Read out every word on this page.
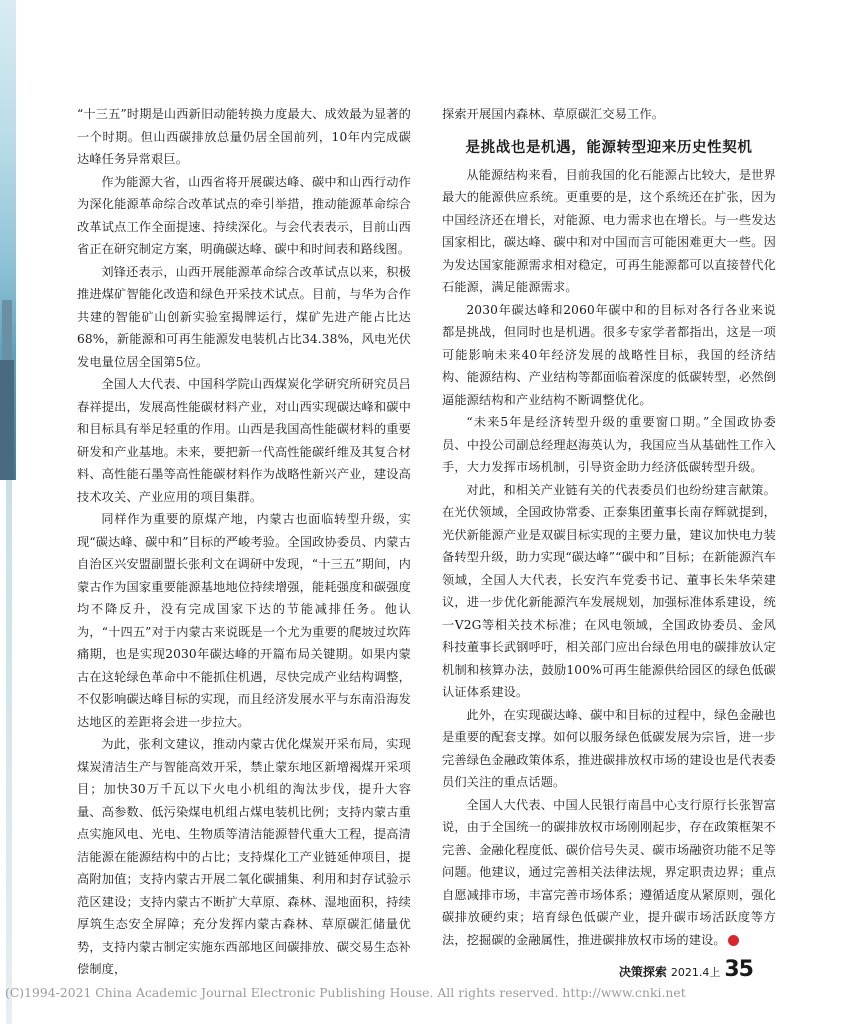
“十三五”时期是山西新旧动能转换力度最大、成效最为显著的一个时期。但山西碳排放总量仍居全国前列，10年内完成碳达峰任务异常艰巨。

作为能源大省，山西省将开展碳达峰、碳中和山西行动作为深化能源革命综合改革试点的牵引举措，推动能源革命综合改革试点工作全面提速、持续深化。与会代表表示，目前山西省正在研究制定方案，明确碳达峰、碳中和时间表和路线图。

刘锋还表示，山西开展能源革命综合改革试点以来，积极推进煤矿智能化改造和绿色开采技术试点。目前，与华为合作共建的智能矿山创新实验室揭牌运行，煤矿先进产能占比达68%，新能源和可再生能源发电装机占比34.38%，风电光伏发电量位居全国第5位。

全国人大代表、中国科学院山西煤炭化学研究所研究员吕春祥提出，发展高性能碳材料产业，对山西实现碳达峰和碳中和目标具有举足轻重的作用。山西是我国高性能碳材料的重要研发和产业基地。未来，要把新一代高性能碳纤维及其复合材料、高性能石墨等高性能碳材料作为战略性新兴产业，建设高技术攻关、产业应用的项目集群。

同样作为重要的原煤产地，内蒙古也面临转型升级，实现“碳达峰、碳中和”目标的严峻考验。全国政协委员、内蒙古自治区兴安盟副盟长张利文在调研中发现，“十三五”期间，内蒙古作为国家重要能源基地地位持续增强，能耗强度和碳强度均不降反升，没有完成国家下达的节能减排任务。他认为，“十四五”对于内蒙古来说既是一个尤为重要的爬坡过坎阵痛期，也是实现2030年碳达峰的开篇布局关键期。如果内蒙古在这轮绿色革命中不能抓住机遇，尽快完成产业结构调整，不仅影响碳达峰目标的实现，而且经济发展水平与东南沿海发达地区的差距将会进一步拉大。

为此，张利文建议，推动内蒙古优化煤炭开采布局，实现煤炭清洁生产与智能高效开采，禁止蒙东地区新增褐煤开采项目；加快30万千瓦以下火电小机组的淘汰步伐，提升大容量、高参数、低污染煤电机组占煤电装机比例；支持内蒙古重点实施风电、光电、生物质等清洁能源替代重大工程，提高清洁能源在能源结构中的占比；支持煤化工产业链延伸项目，提高附加值；支持内蒙古开展二氧化碳捕集、利用和封存试验示范区建设；支持内蒙古不断扩大草原、森林、湿地面积，持续厚筑生态安全屏障；充分发挥内蒙古森林、草原碳汇储量优势，支持内蒙古制定实施东西部地区间碳排放、碳交易生态补偿制度，

探索开展国内森林、草原碳汇交易工作。

是挑战也是机遇，能源转型迎来历史性契机

从能源结构来看，目前我国的化石能源占比较大，是世界最大的能源供应系统。更重要的是，这个系统还在扩张，因为中国经济还在增长，对能源、电力需求也在增长。与一些发达国家相比，碳达峰、碳中和对中国而言可能困难更大一些。因为发达国家能源需求相对稳定，可再生能源都可以直接替代化石能源，满足能源需求。

2030年碳达峰和2060年碳中和的目标对各行各业来说都是挑战，但同时也是机遇。很多专家学者都指出，这是一项可能影响未来40年经济发展的战略性目标，我国的经济结构、能源结构、产业结构等都面临着深度的低碳转型，必然倒逼能源结构和产业结构不断调整优化。

“未来5年是经济转型升级的重要窗口期。”全国政协委员、中投公司副总经理赵海英认为，我国应当从基础性工作入手，大力发挥市场机制，引导资金助力经济低碳转型升级。

对此，和相关产业链有关的代表委员们也纷纷建言献策。在光伏领域，全国政协常委、正泰集团董事长南存辉就提到，光伏新能源产业是双碳目标实现的主要力量，建议加快电力装备转型升级，助力实现“碳达峰”“碳中和”目标；在新能源汽车领域，全国人大代表，长安汽车党委书记、董事长朱华荣建议，进一步优化新能源汽车发展规划，加强标准体系建设，统一V2G等相关技术标准；在风电领域，全国政协委员、金风科技董事长武钢呼吁，相关部门应出台绿色用电的碳排放认定机制和核算办法，鼓励100%可再生能源供给园区的绿色低碳认证体系建设。

此外，在实现碳达峰、碳中和目标的过程中，绿色金融也是重要的配套支撑。如何以服务绿色低碳发展为宗旨，进一步完善绿色金融政策体系，推进碳排放权市场的建设也是代表委员们关注的重点话题。

全国人大代表、中国人民银行南昌中心支行原行长张智富说，由于全国统一的碳排放权市场刚刚起步，存在政策框架不完善、金融化程度低、碳价信号失灵、碳市场融资功能不足等问题。他建议，通过完善相关法律法规，界定职责边界；重点自愿减排市场，丰富完善市场体系；遵循适度从紧原则，强化碳排放硬约束；培育绿色低碳产业，提升碳市场活跃度等方法，挖掘碳的金融属性，推进碳排放权市场的建设。	◆

决策探索 2021.4上 35
(C)1994-2021 China Academic Journal Electronic Publishing House. All rights reserved. http://www.cnki.net
